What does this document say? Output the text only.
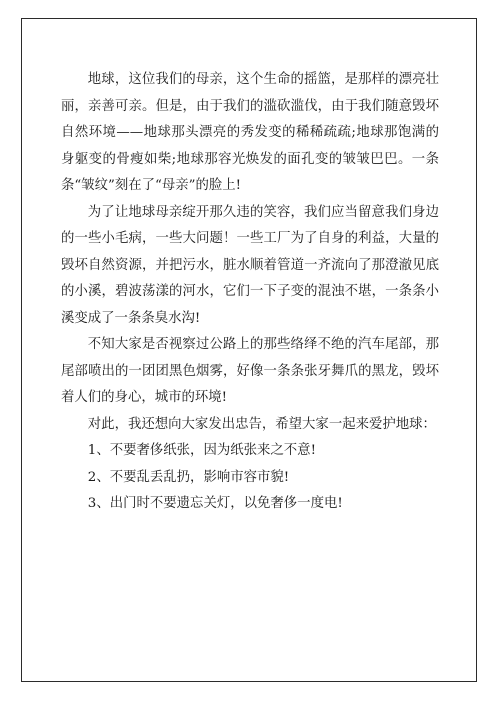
地球，这位我们的母亲，这个生命的摇篮，是那样的漂亮壮丽，亲善可亲。但是，由于我们的滥砍滥伐，由于我们随意毁坏自然环境——地球那头漂亮的秀发变的稀稀疏疏;地球那饱满的身躯变的骨瘦如柴;地球那容光焕发的面孔变的皱皱巴巴。一条条“皱纹”刻在了“母亲”的脸上!

为了让地球母亲绽开那久违的笑容，我们应当留意我们身边的一些小毛病，一些大问题！一些工厂为了自身的利益，大量的毁坏自然资源，并把污水，脏水顺着管道一齐流向了那澄澈见底的小溪，碧波荡漾的河水，它们一下子变的混浊不堪，一条条小溪变成了一条条臭水沟!

不知大家是否视察过公路上的那些络绎不绝的汽车尾部，那尾部喷出的一团团黑色烟雾，好像一条条张牙舞爪的黑龙，毁坏着人们的身心，城市的环境!

对此，我还想向大家发出忠告，希望大家一起来爱护地球：

1、不要奢侈纸张，因为纸张来之不意!

2、不要乱丢乱扔，影响市容市貌!

3、出门时不要遗忘关灯，以免奢侈一度电!
